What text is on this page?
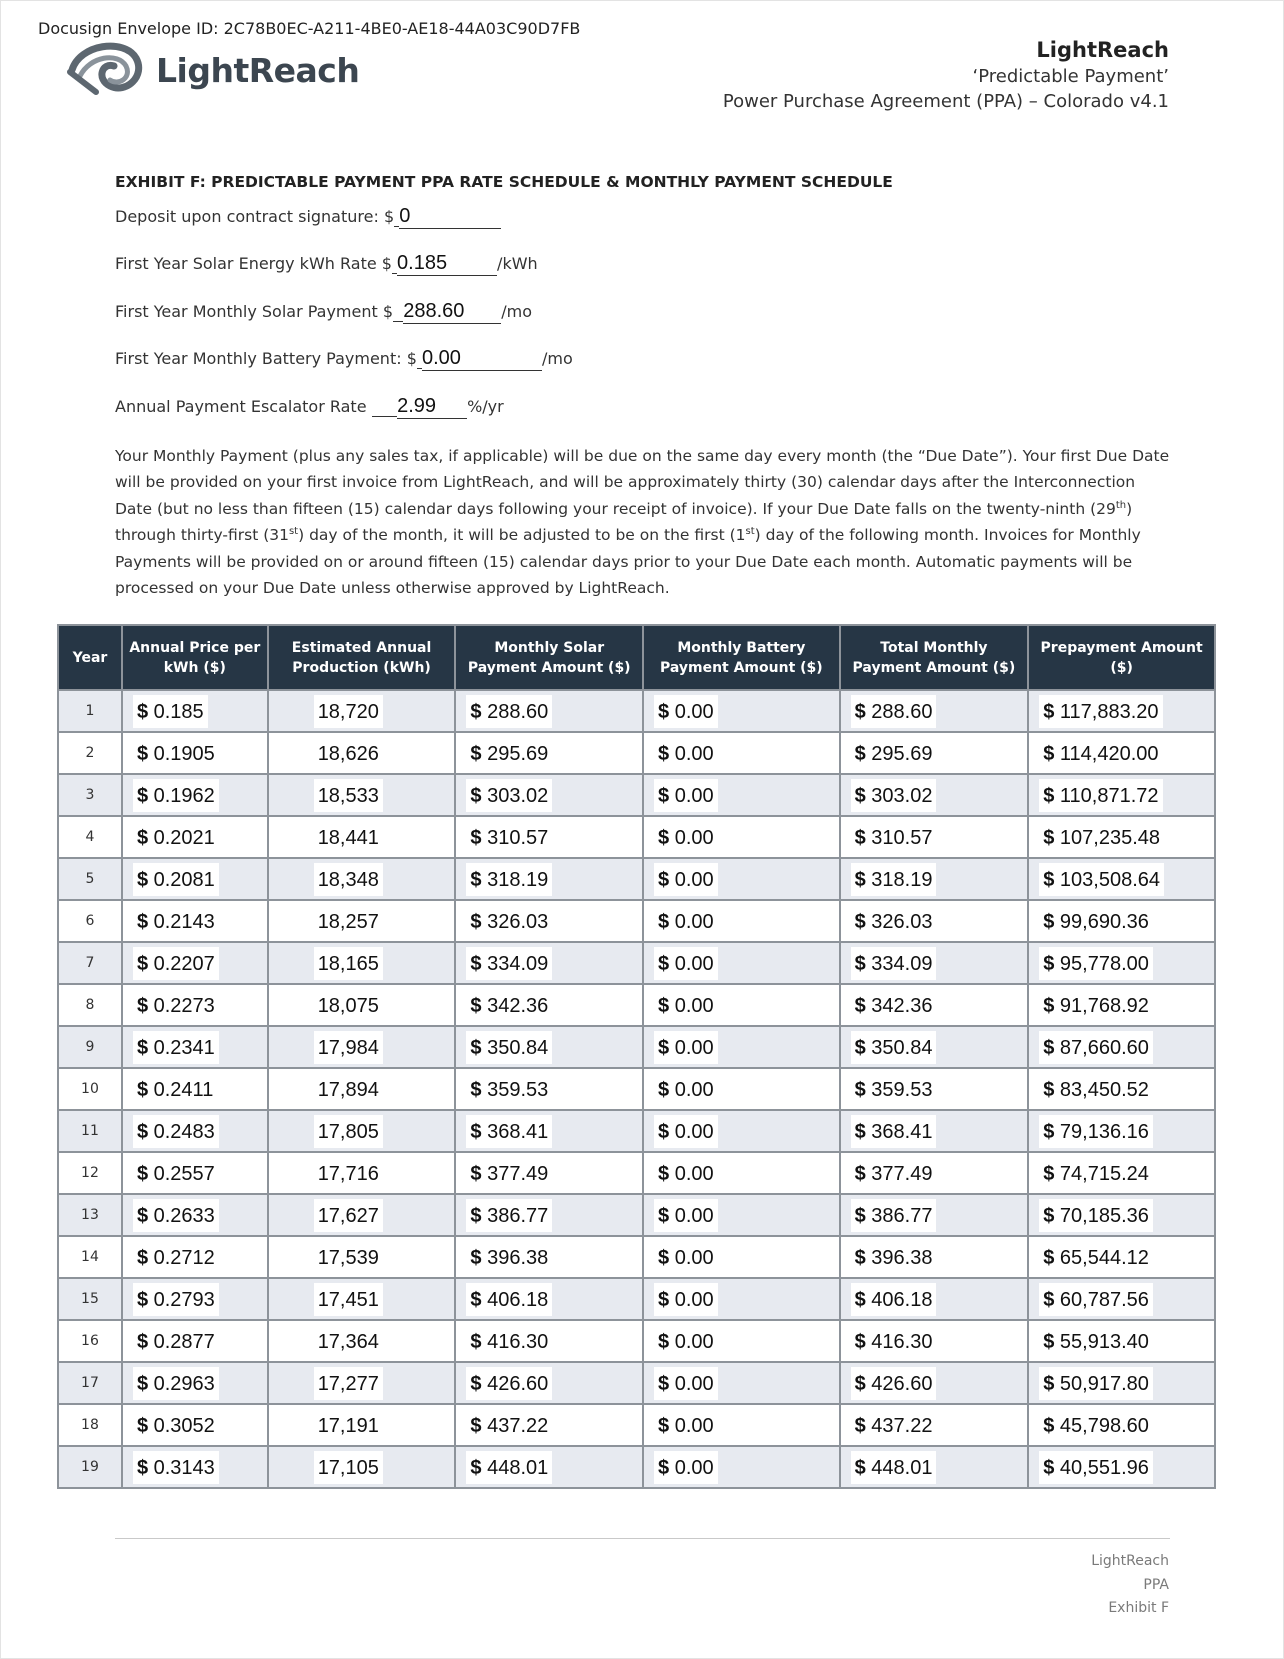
Docusign Envelope ID: 2C78B0EC-A211-4BE0-AE18-44A03C90D7FB
LightReach
LightReach
‘Predictable Payment’
Power Purchase Agreement (PPA) – Colorado v4.1
EXHIBIT F: PREDICTABLE PAYMENT PPA RATE SCHEDULE & MONTHLY PAYMENT SCHEDULE
Deposit upon contract signature: $ 0
First Year Solar Energy kWh Rate $ 0.185	/kWh
First Year Monthly Solar Payment $ 288.60 /mo
First Year Monthly Battery Payment: $ 0.00	/mo
Annual Payment Escalator Rate 2.99 %/yr
Your Monthly Payment (plus any sales tax, if applicable) will be due on the same day every month (the “Due Date”). Your first Due Date will be provided on your first invoice from LightReach, and will be approximately thirty (30) calendar days after the Interconnection Date (but no less than fifteen (15) calendar days following your receipt of invoice). If your Due Date falls on the twenty-ninth (29th) through thirty-first (31st) day of the month, it will be adjusted to be on the first (1st) day of the following month. Invoices for Monthly Payments will be provided on or around fifteen (15) calendar days prior to your Due Date each month. Automatic payments will be processed on your Due Date unless otherwise approved by LightReach.
Year	Annual Price per kWh ($)	Estimated Annual Production (kWh)	Monthly Solar Payment Amount ($)	Monthly Battery Payment Amount ($)	Total Monthly Payment Amount ($)	Prepayment Amount ($)
1	$ 0.185	18,720	$ 288.60	$ 0.00	$ 288.60	$ 117,883.20
2	$ 0.1905	18,626	$ 295.69	$ 0.00	$ 295.69	$ 114,420.00
3	$ 0.1962	18,533	$ 303.02	$ 0.00	$ 303.02	$ 110,871.72
4	$ 0.2021	18,441	$ 310.57	$ 0.00	$ 310.57	$ 107,235.48
5	$ 0.2081	18,348	$ 318.19	$ 0.00	$ 318.19	$ 103,508.64
6	$ 0.2143	18,257	$ 326.03	$ 0.00	$ 326.03	$ 99,690.36
7	$ 0.2207	18,165	$ 334.09	$ 0.00	$ 334.09	$ 95,778.00
8	$ 0.2273	18,075	$ 342.36	$ 0.00	$ 342.36	$ 91,768.92
9	$ 0.2341	17,984	$ 350.84	$ 0.00	$ 350.84	$ 87,660.60
10	$ 0.2411	17,894	$ 359.53	$ 0.00	$ 359.53	$ 83,450.52
11	$ 0.2483	17,805	$ 368.41	$ 0.00	$ 368.41	$ 79,136.16
12	$ 0.2557	17,716	$ 377.49	$ 0.00	$ 377.49	$ 74,715.24
13	$ 0.2633	17,627	$ 386.77	$ 0.00	$ 386.77	$ 70,185.36
14	$ 0.2712	17,539	$ 396.38	$ 0.00	$ 396.38	$ 65,544.12
15	$ 0.2793	17,451	$ 406.18	$ 0.00	$ 406.18	$ 60,787.56
16	$ 0.2877	17,364	$ 416.30	$ 0.00	$ 416.30	$ 55,913.40
17	$ 0.2963	17,277	$ 426.60	$ 0.00	$ 426.60	$ 50,917.80
18	$ 0.3052	17,191	$ 437.22	$ 0.00	$ 437.22	$ 45,798.60
19	$ 0.3143	17,105	$ 448.01	$ 0.00	$ 448.01	$ 40,551.96
LightReach
PPA
Exhibit F
